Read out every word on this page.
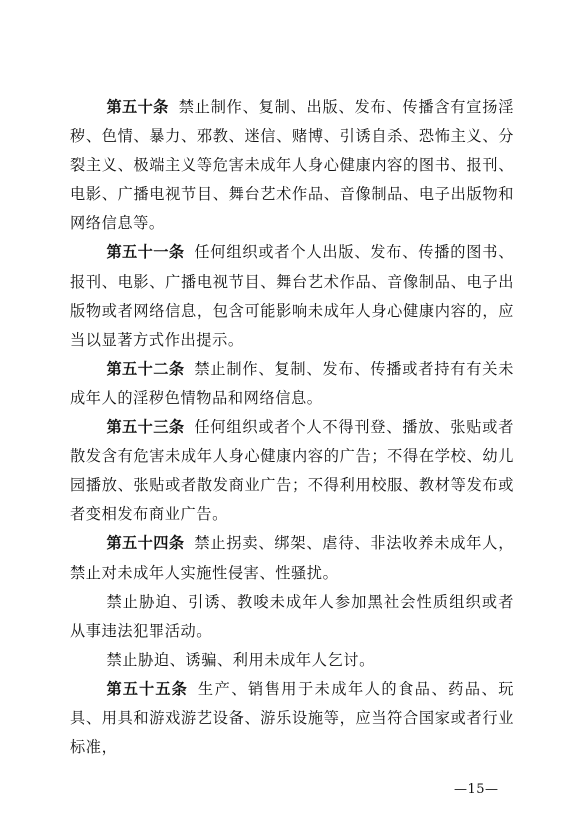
第五十条 禁止制作、复制、出版、发布、传播含有宣扬淫秽、色情、暴力、邪教、迷信、赌博、引诱自杀、恐怖主义、分裂主义、极端主义等危害未成年人身心健康内容的图书、报刊、电影、广播电视节目、舞台艺术作品、音像制品、电子出版物和网络信息等。

第五十一条 任何组织或者个人出版、发布、传播的图书、报刊、电影、广播电视节目、舞台艺术作品、音像制品、电子出版物或者网络信息，包含可能影响未成年人身心健康内容的，应当以显著方式作出提示。

第五十二条 禁止制作、复制、发布、传播或者持有有关未成年人的淫秽色情物品和网络信息。

第五十三条 任何组织或者个人不得刊登、播放、张贴或者散发含有危害未成年人身心健康内容的广告；不得在学校、幼儿园播放、张贴或者散发商业广告；不得利用校服、教材等发布或者变相发布商业广告。

第五十四条 禁止拐卖、绑架、虐待、非法收养未成年人，禁止对未成年人实施性侵害、性骚扰。

禁止胁迫、引诱、教唆未成年人参加黑社会性质组织或者从事违法犯罪活动。

禁止胁迫、诱骗、利用未成年人乞讨。

第五十五条 生产、销售用于未成年人的食品、药品、玩具、用具和游戏游艺设备、游乐设施等，应当符合国家或者行业标准，

—15—
